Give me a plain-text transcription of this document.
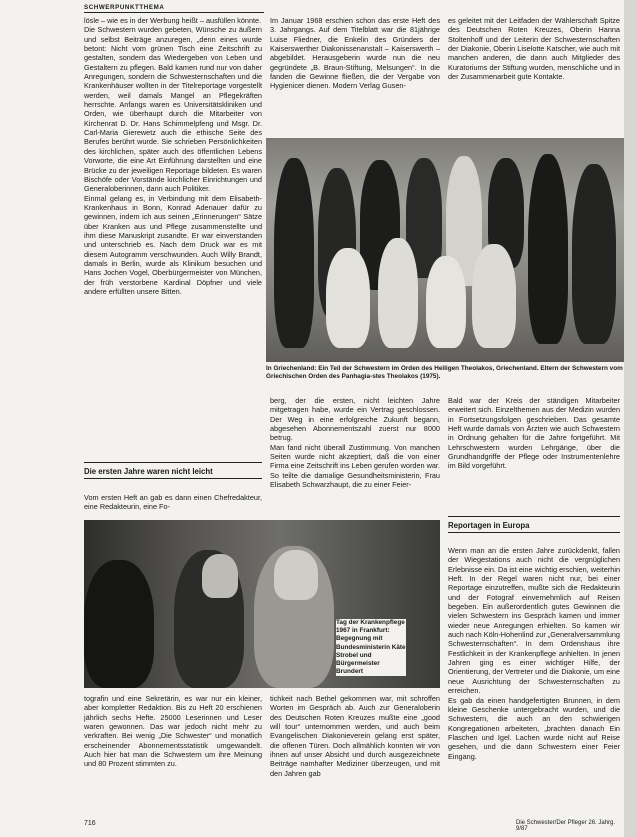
SCHWERPUNKTTHEMA

lösle – wie es in der Werbung heißt – ausfüllen könnte.

Die Schwestern wurden gebeten, Wünsche zu äußern und selbst Beiträge anzuregen, „denn eines wurde betont: Nicht vom grünen Tisch eine Zeitschrift zu gestalten, sondern das Wiedergeben von Leben und Gestaltern zu pflegen. Bald kamen rund nur von daher Anregungen, sondern die Schwesternschaften und die Krankenhäuser wollten in der Titelreportage vorgestellt werden, weil damals Mangel an Pflegekräften herrschte. Anfangs waren es Universitätskliniken und Orden, wie überhaupt durch die Mitarbeiter von Kirchenrat D. Dr. Hans Schimmelpfeng und Msgr. Dr. Carl-Maria Gierewetz auch die ethische Seite des Berufes berührt wurde. Sie schrieben Persönlichkeiten des kirchlichen, später auch des öffentlichen Lebens Vorworte, die eine Art Einführung darstellten und eine Brücke zu der jeweiligen Reportage bildeten. Es waren Bischöfe oder Vorstände kirchlicher Einrichtungen und Generaloberinnen, dann auch Politiker.

Einmal gelang es, in Verbindung mit dem Elisabeth-Krankenhaus in Bonn, Konrad Adenauer dafür zu gewinnen, indem ich aus seinen „Erinnerungen“ Sätze über Kranken aus und Pflege zusammenstellte und ihm diese Manuskript zusandte. Er war einverstanden und unterschrieb es. Nach dem Druck war es mit diesem Autogramm verschwunden. Auch Willy Brandt, damals in Berlin, wurde als Klinikum besuchen und Hans Jochen Vogel, Oberbürgermeister von München, der früh verstorbene Kardinal Döpfner und viele andere erfüllten unsere Bitten.

Die ersten Jahre waren nicht leicht

Vom ersten Heft an gab es dann einen Chefredakteur, eine Redakteurin, eine Fo-

Im Januar 1968 erschien schon das erste Heft des 3. Jahrgangs. Auf dem Titelblatt war die 81jährige Luise Fliedner, die Enkelin des Gründers der Kaiserswerther Diakonissenanstalt – Kaiserswerth – abgebildet. Herausgeberin wurde nun die neu gegründete „B. Braun-Stiftung, Melsungen“. In die fanden die Gewinne fließen, die der Vergabe von Hygienicer dienen. Modern Verlag Gusen-

es geleitet mit der Leitfaden der Wählerschaft Spitze des Deutschen Roten Kreuzes, Oberin Hanna Stoltenhoff und der Leiterin der Schwesternschaften der Diakonie, Oberin Liselotte Katscher, wie auch mit manchen anderen, die dann auch Mitglieder des Kuratoriums der Stiftung wurden, menschliche und in der Zusammenarbeit gute Kontakte.

In Griechenland: Ein Teil der Schwestern im Orden des Heiligen Theolakos, Griechenland. Eltern der Schwestern vom Griechischen Orden des Panhagia-stes Theolakos (1975).

berg, der die ersten, nicht leichten Jahre mitgetragen habe, wurde ein Vertrag geschlossen. Der Weg in eine erfolgreiche Zukunft begann, abgesehen Abonnementszahl zuerst nur 8000 betrug.

Man fand nicht überall Zustimmung. Von manchen Seiten wurde nicht akzeptiert, daß die von einer Firma eine Zeitschrift ins Leben gerufen worden war. So teilte die damalige Gesundheitsministerin, Frau Elisabeth Schwarzhaupt, die zu einer Feier-

Bald war der Kreis der ständigen Mitarbeiter erweitert sich. Einzelthemen aus der Medizin wurden in Fortsetzungsfolgen geschrieben. Das gesamte Heft wurde damals von Ärzten wie auch Schwestern in Ordnung gehalten für die Jahre fortgeführt. Mit Lehrschwestern wurden Lehrgänge, über die Grundhandgriffe der Pflege oder Instrumentenlehre im Bild vorgeführt.

Reportagen in Europa

Wenn man an die ersten Jahre zurückdenkt, fallen der Wiegestations auch nicht die vergnüglichen Erlebnisse ein. Da ist eine wichtig erschien, weiterhin Heft. In der Regel waren nicht nur, bei einer Reportage einzutreffen, mußte sich die Redakteurin und der Fotograf einvernehmlich auf Reisen begeben. Ein außerordentlich gutes Gewinnen die vielen Schwestern ins Gespräch kamen und immer wieder neue Anregungen erhielten. So kamen wir auch nach Köln-Hohenlind zur „Generalversammlung Schwesternschaften“. In dem Ordenshaus ihre Festlichkeit in der Krankenpflege anhielten. In jenen Jahren ging es einer wichtiger Hilfe, der Orientierung, der Vertreter und die Diakonie, um eine neue Ausrichtung der Schwesternschaften zu erreichen.

Es gab da einen handgefertigten Brunnen, in dem kleine Geschenke untergebracht wurden, und die Schwestern, die auch an den schwierigen Kongregationen arbeiteten, „brachten danach Ein Flaschen und Igel. Lachen wurde nicht auf Reise gesehen, und die dann Schwestern einer Feier Eingang.

Tag der Krankenpflege 1967 in Frankfurt: Begegnung mit Bundesministerin Käte Strobel und Bürgermeister Brundert

tografin und eine Sekretärin, es war nur ein kleiner, aber kompletter Redaktion. Bis zu Heft 20 erschienen jährlich sechs Hefte. 25000 Leserinnen und Leser waren gewonnen. Das war jedoch nicht mehr zu verkraften. Bei wenig „Die Schwester“ und monatlich erscheinender Abonnementsstatistik umgewandelt. Auch hier hat man die Schwestern um ihre Meinung und 80 Prozent stimmten zu.

tichkeit nach Bethel gekommen war, mit schroffen Worten im Gespräch ab. Auch zur Generaloberin des Deutschen Roten Kreuzes mußte eine „good will tour“ unternommen werden, und auch beim Evangelischen Diakonieverein gelang erst später, die offenen Türen. Doch allmählich konnten wir von ihnen auf unser Absicht und durch ausgezeichnete Beiträge namhafter Mediziner überzeugen, und mit den Jahren gab

716	Die Schwester/Der Pfleger 26. Jahrg. 9/87
